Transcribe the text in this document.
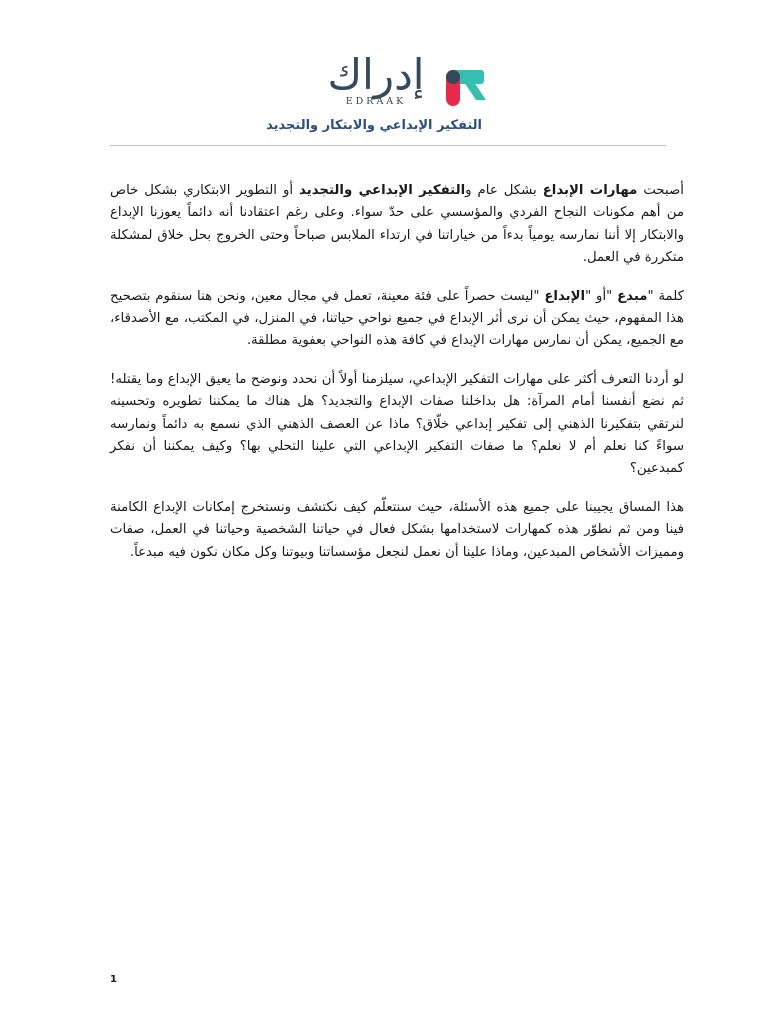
إدراك
EDRAAK
التفكير الإبداعي والابتكار والتجديد

أصبحت مهارات الإبداع بشكل عام والتفكير الإبداعي والتجديد أو التطوير الابتكاري بشكل خاص من أهم مكونات النجاح الفردي والمؤسسي على حدّ سواء. وعلى رغم اعتقادنا أنه دائماً يعوزنا الإبداع والابتكار إلا أننا نمارسه يومياً بدءاً من خياراتنا في ارتداء الملابس صباحاً وحتى الخروج بحل خلاق لمشكلة متكررة في العمل.

كلمة "مبدع "أو "الإبداع "ليست حصراً على فئة معينة، تعمل في مجال معين، ونحن هنا سنقوم بتصحيح هذا المفهوم، حيث يمكن أن نرى أثر الإبداع في جميع نواحي حياتنا، في المنزل، في المكتب، مع الأصدقاء، مع الجميع، يمكن أن نمارس مهارات الإبداع في كافة هذه النواحي بعفوية مطلقة.

لو أردنا التعرف أكثر على مهارات التفكير الإبداعي، سيلزمنا أولاً أن نحدد ونوضح ما يعيق الإبداع وما يقتله! ثم نضع أنفسنا أمام المرآة: هل بداخلنا صفات الإبداع والتجديد؟ هل هناك ما يمكننا تطويره وتحسينه لنرتقي بتفكيرنا الذهني إلى تفكير إبداعي خلّاق؟ ماذا عن العصف الذهني الذي نسمع به دائماً ونمارسه سواءً كنا نعلم أم لا نعلم؟ ما صفات التفكير الإبداعي التي علينا التحلي بها؟ وكيف يمكننا أن نفكر كمبدعين؟

هذا المساق يجيبنا على جميع هذه الأسئلة، حيث سنتعلّم كيف نكتشف ونستخرج إمكانات الإبداع الكامنة فينا ومن ثم نطوّر هذه كمهارات لاستخدامها بشكل فعال في حياتنا الشخصية وحياتنا في العمل، صفات ومميزات الأشخاص المبدعين، وماذا علينا أن نعمل لنجعل مؤسساتنا وبيوتنا وكل مكان نكون فيه مبدعاً.

1
